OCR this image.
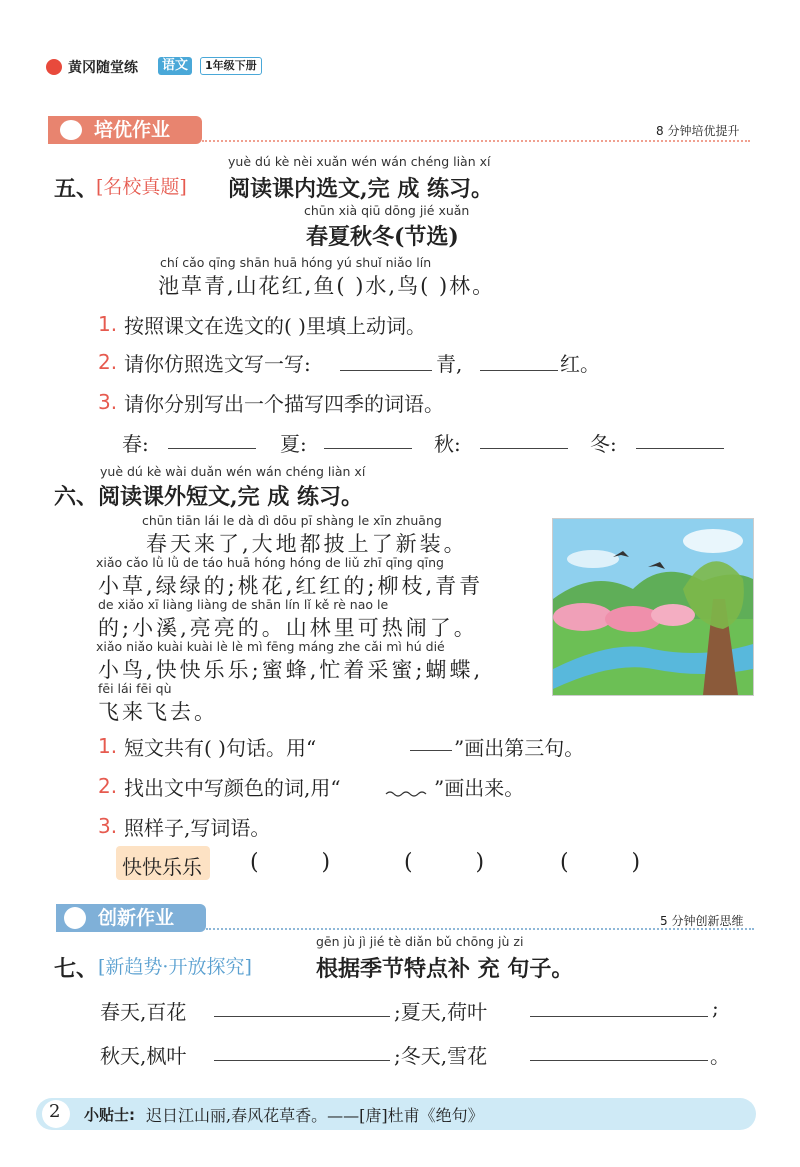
黄冈随堂练	语文	1年级下册
培优作业	8 分钟培优提升
yuè dú kè nèi xuǎn wén wán chéng liàn xí
五、
[名校真题] 阅读课内选文,完 成 练习。
chūn xià qiū dōng jié xuǎn
春夏秋冬(节选)
chí cǎo qīng shān huā hóng yú shuǐ niǎo lín
池草青,山花红,鱼( )水,鸟( )林。
1. 按照课文在选文的( )里填上动词。
2. 请你仿照选文写一写:	青,	红。
3. 请你分别写出一个描写四季的词语。
春:	夏:	秋:	冬:
yuè dú kè wài duǎn wén wán chéng liàn xí
六、 阅读课外短文,完 成 练习。
chūn tiān lái le dà dì dōu pī shàng le xīn zhuāng
春天来了,大地都披上了新装。
xiǎo cǎo lǜ lǜ de táo huā hóng hóng de liǔ zhī qīng qīng
小草,绿绿的;桃花,红红的;柳枝,青青
de xiǎo xī liàng liàng de shān lín lǐ kě rè nao le
的;小溪,亮亮的。山林里可热闹了。
xiǎo niǎo kuài kuài lè lè mì fēng máng zhe cǎi mì hú dié
小鸟,快快乐乐;蜜蜂,忙着采蜜;蝴蝶,
fēi lái fēi qù
飞来飞去。
1. 短文共有( )句话。用“	”画出第三句。
2. 找出文中写颜色的词,用“	”画出来。
3. 照样子,写词语。
快快乐乐 (         )	(         )	(         )
创新作业	5 分钟创新思维
gēn jù jì jié tè diǎn bǔ chōng jù zi
七、 [新趋势·开放探究]	根据季节特点补 充 句子。
春天,百花	;夏天,荷叶	;
秋天,枫叶	;冬天,雪花	。
2 小贴士: 迟日江山丽,春风花草香。——[唐]杜甫《绝句》
